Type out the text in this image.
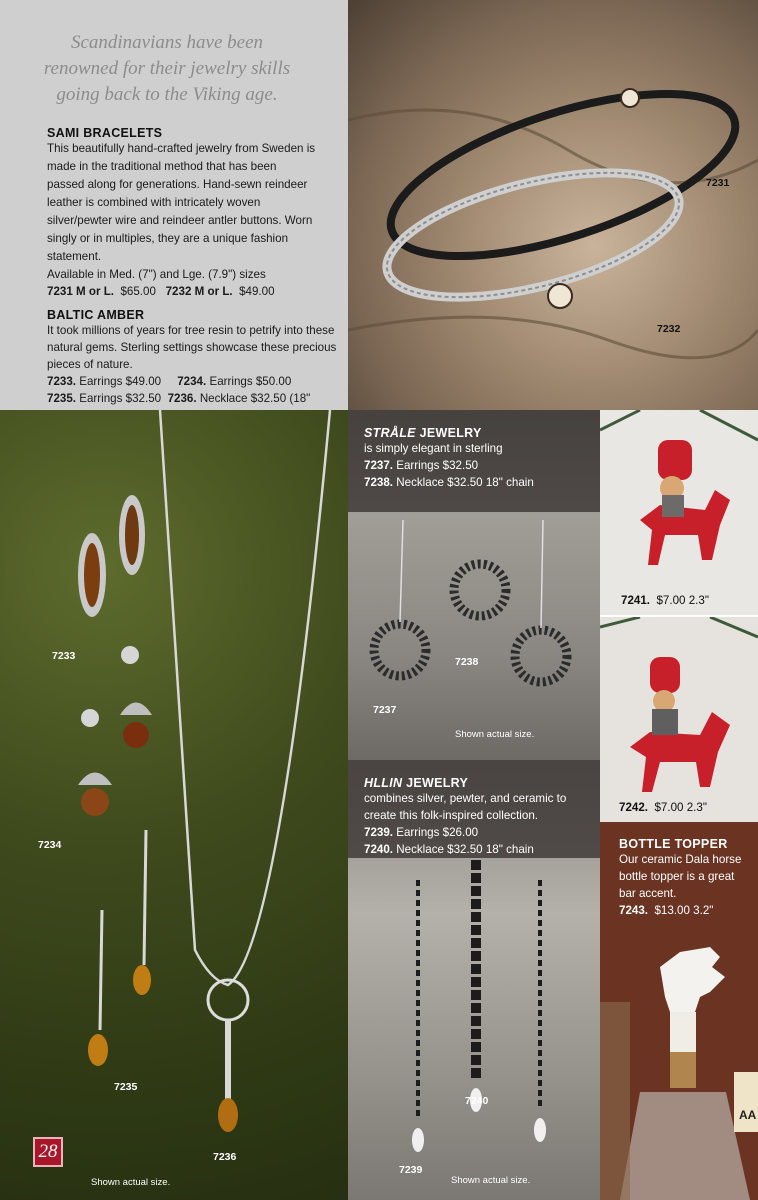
Scandinavians have been renowned for their jewelry skills going back to the Viking age.

SAMI BRACELETS

This beautifully hand-crafted jewelry from Sweden is made in the traditional method that has been passed along for generations. Hand-sewn reindeer leather is combined with intricately woven silver/pewter wire and reindeer antler buttons. Worn singly or in multiples, they are a unique fashion statement.

Available in Med. (7") and Lge. (7.9") sizes

7231 M or L. $65.00 7232 M or L. $49.00

BALTIC AMBER

It took millions of years for tree resin to petrify into these natural gems. Sterling settings showcase these precious pieces of nature.

7233. Earrings $49.00 7234. Earrings $50.00

7235. Earrings $32.50 7236. Necklace $32.50 (18"

7231
7232
7233
7234
7235
7236
Shown actual size.
28
STRÅLE JEWELRY

is simply elegant in sterling

7237. Earrings $32.50

7238. Necklace $32.50 18" chain

7238
7237
Shown actual size.
HLLIN JEWELRY

combines silver, pewter, and ceramic to create this folk-inspired collection.

7239. Earrings $26.00

7240. Necklace $32.50 18" chain

7240
7239
Shown actual size.
7241. $7.00 2.3"
7242. $7.00 2.3"
BOTTLE TOPPER

Our ceramic Dala horse bottle topper is a great bar accent.

7243. $13.00 3.2"

AA
